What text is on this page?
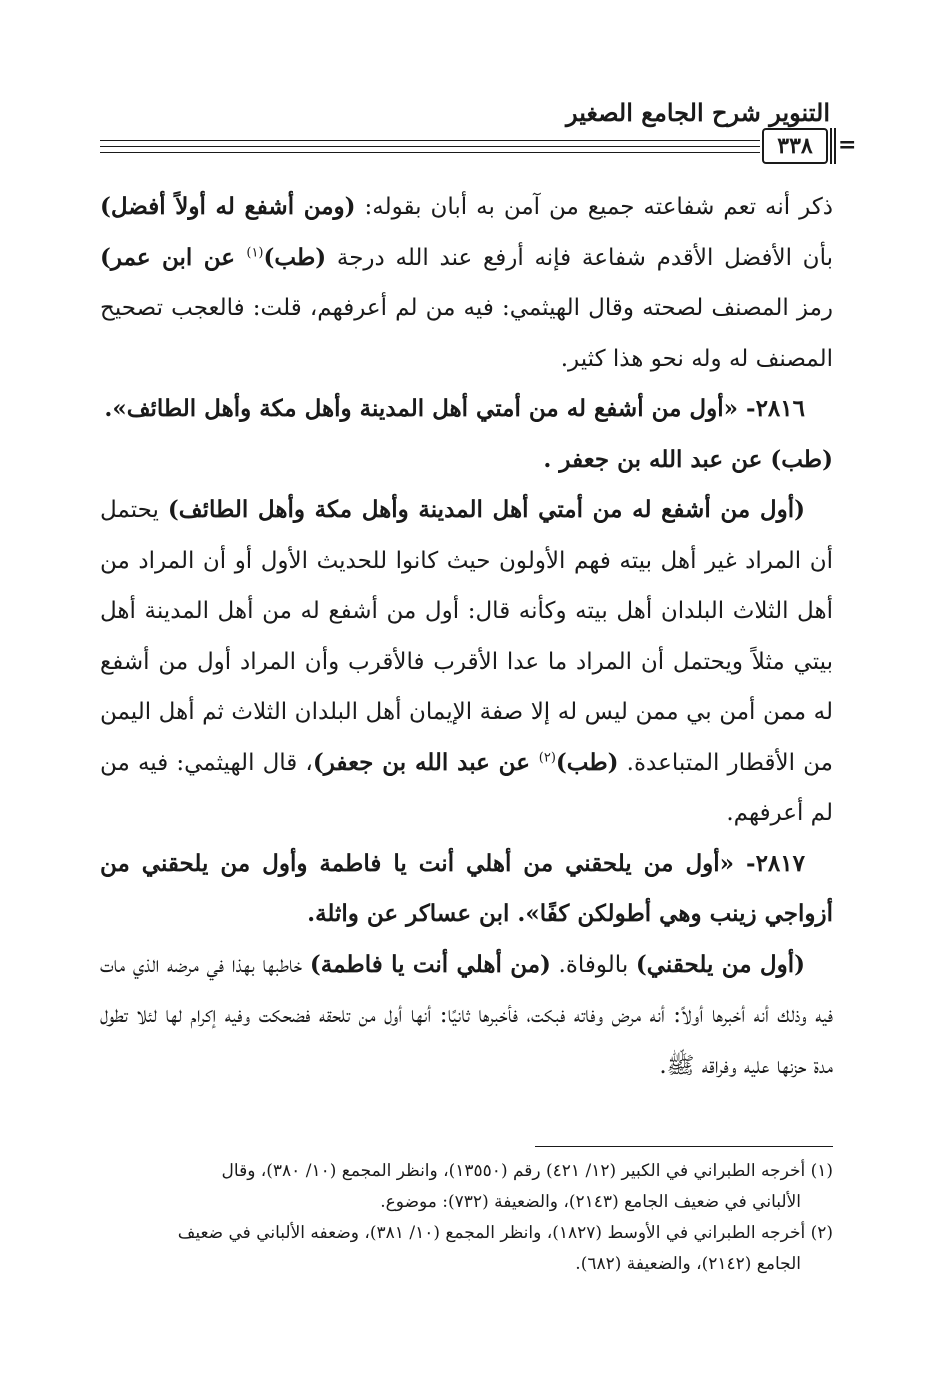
التنوير شرح الجامع الصغير
٣٣٨	=

ذكر أنه تعم شفاعته جميع من آمن به أبان بقوله: (ومن أشفع له أولاً أفضل) بأن الأفضل الأقدم شفاعة فإنه أرفع عند الله درجة (طب)$^{(١)}$ عن ابن عمر) رمز المصنف لصحته وقال الهيثمي: فيه من لم أعرفهم، قلت: فالعجب تصحيح المصنف له وله نحو هذا كثير.

٢٨١٦- «أول من أشفع له من أمتي أهل المدينة وأهل مكة وأهل الطائف».

(طب) عن عبد الله بن جعفر .

(أول من أشفع له من أمتي أهل المدينة وأهل مكة وأهل الطائف) يحتمل أن المراد غير أهل بيته فهم الأولون حيث كانوا للحديث الأول أو أن المراد من أهل الثلاث البلدان أهل بيته وكأنه قال: أول من أشفع له من أهل المدينة أهل بيتي مثلاً ويحتمل أن المراد ما عدا الأقرب فالأقرب وأن المراد أول من أشفع له ممن أمن بي ممن ليس له إلا صفة الإيمان أهل البلدان الثلاث ثم أهل اليمن من الأقطار المتباعدة. (طب)$^{(٢)}$ عن عبد الله بن جعفر)، قال الهيثمي: فيه من لم أعرفهم.

٢٨١٧- «أول من يلحقني من أهلي أنت يا فاطمة وأول من يلحقني من أزواجي زينب وهي أطولكن كفًا». ابن عساكر عن واثلة.

(أول من يلحقني) بالوفاة. (من أهلي أنت يا فاطمة) خاطبها بهذا في مرضه الذي مات فيه وذلك أنه أخبرها أولاً: أنه مرض وفاته فبكت، فأخبرها ثانيًا: أنها أول من تلحقه فضحكت وفيه إكرام لها لئلا تطول مدة حزنها عليه وفراقه ﷺ.

(١) أخرجه الطبراني في الكبير (١٢/ ٤٢١) رقم (١٣٥٥٠)، وانظر المجمع (١٠/ ٣٨٠)، وقال

الألباني في ضعيف الجامع (٢١٤٣)، والضعيفة (٧٣٢): موضوع.

(٢) أخرجه الطبراني في الأوسط (١٨٢٧)، وانظر المجمع (١٠/ ٣٨١)، وضعفه الألباني في ضعيف

الجامع (٢١٤٢)، والضعيفة (٦٨٢).
